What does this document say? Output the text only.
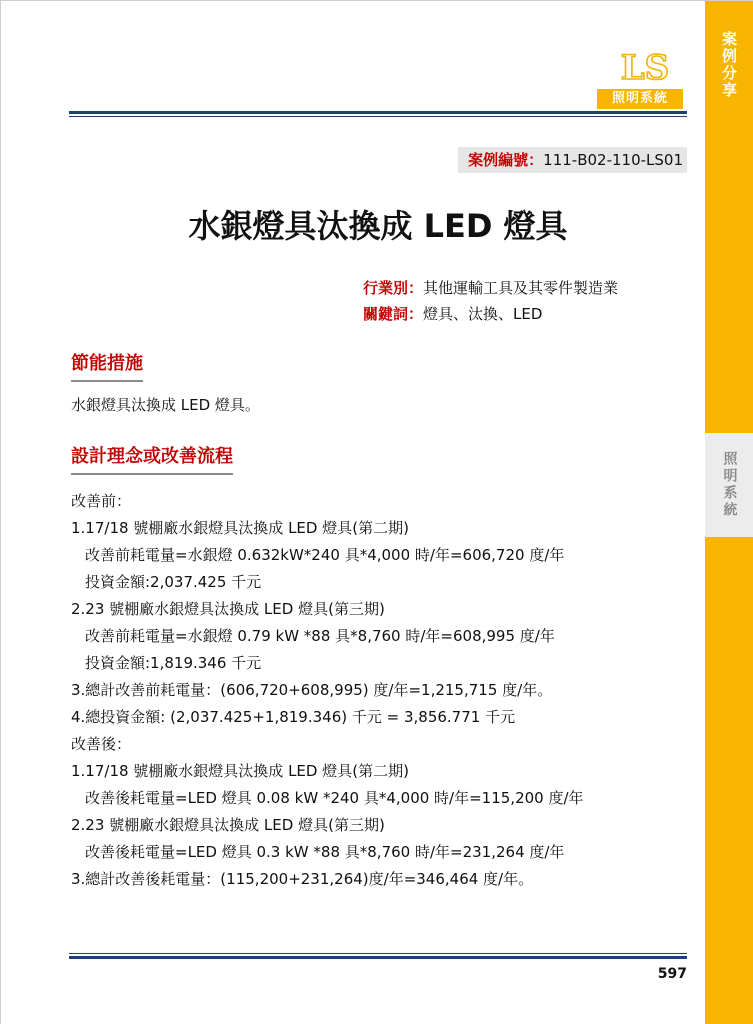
案例分享
照明系統
LS
照明系統
案例編號：111-B02-110-LS01
水銀燈具汰換成 LED 燈具
行業別：其他運輸工具及其零件製造業
關鍵詞：燈具、汰換、LED
節能措施
水銀燈具汰換成 LED 燈具。
設計理念或改善流程
改善前：
1.17/18 號棚廠水銀燈具汰換成 LED 燈具(第二期)
改善前耗電量=水銀燈 0.632kW*240 具*4,000 時/年=606,720 度/年
投資金額:2,037.425 千元
2.23 號棚廠水銀燈具汰換成 LED 燈具(第三期)
改善前耗電量=水銀燈 0.79 kW *88 具*8,760 時/年=608,995 度/年
投資金額:1,819.346 千元
3.總計改善前耗電量：(606,720+608,995) 度/年=1,215,715 度/年。
4.總投資金額: (2,037.425+1,819.346) 千元 = 3,856.771 千元
改善後：
1.17/18 號棚廠水銀燈具汰換成 LED 燈具(第二期)
改善後耗電量=LED 燈具 0.08 kW *240 具*4,000 時/年=115,200 度/年
2.23 號棚廠水銀燈具汰換成 LED 燈具(第三期)
改善後耗電量=LED 燈具 0.3 kW *88 具*8,760 時/年=231,264 度/年
3.總計改善後耗電量：(115,200+231,264)度/年=346,464 度/年。
597
